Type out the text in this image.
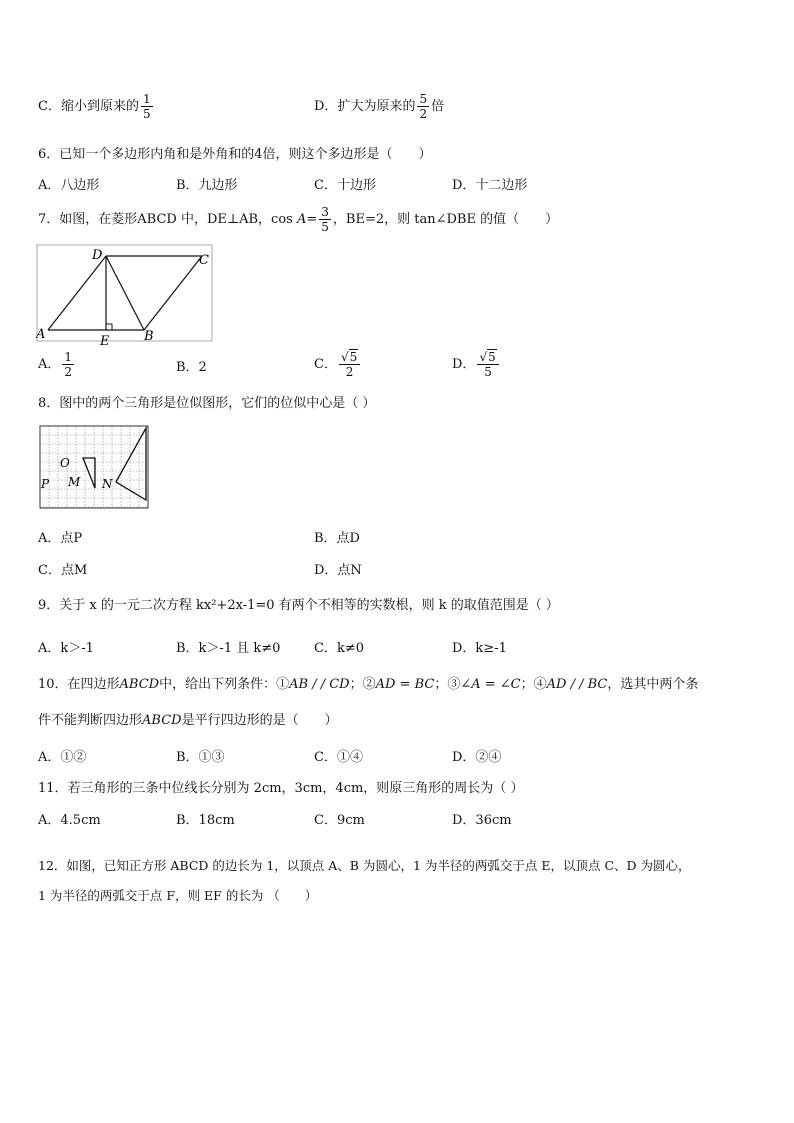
C．缩小到原来的 $\frac{1}{5}$	D．扩大为原来的 $\frac{5}{2}$ 倍
6．已知一个多边形内角和是外角和的4倍，则这个多边形是（　　）
A．八边形	B．九边形	C．十边形	D．十二边形
7．如图，在菱形ABCD 中，DE⊥AB，$\cos A= \frac{3}{5}$ ，BE=2，则 tan∠DBE 的值（　　）
D	C
A	E	B
A． $\frac{1}{2}$	B．2	C． $\frac{√5}{2}$	D． $\frac{√5}{5}$
8．图中的两个三角形是位似图形，它们的位似中心是（ ）
O
P M N
A．点P	B．点D
C．点M	D．点N
9．关于 x 的一元二次方程 kx²+2x-1=0 有两个不相等的实数根，则 k 的取值范围是（ ）
A．k＞-1	B．k＞-1 且 k≠0	C．k≠0	D．k≥-1
10．在四边形ABCD中，给出下列条件：①AB / / CD；②AD = BC；③∠A = ∠C；④AD / / BC，选其中两个条
件不能判断四边形ABCD是平行四边形的是（　　）
A．①②	B．①③	C．①④	D．②④
11．若三角形的三条中位线长分别为 2cm，3cm，4cm，则原三角形的周长为（ ）
A．4.5cm	B．18cm	C．9cm	D．36cm
12．如图，已知正方形 ABCD 的边长为 1，以顶点 A、B 为圆心，1 为半径的两弧交于点 E，以顶点 C、D 为圆心，
1 为半径的两弧交于点 F，则 EF 的长为 （　　）
